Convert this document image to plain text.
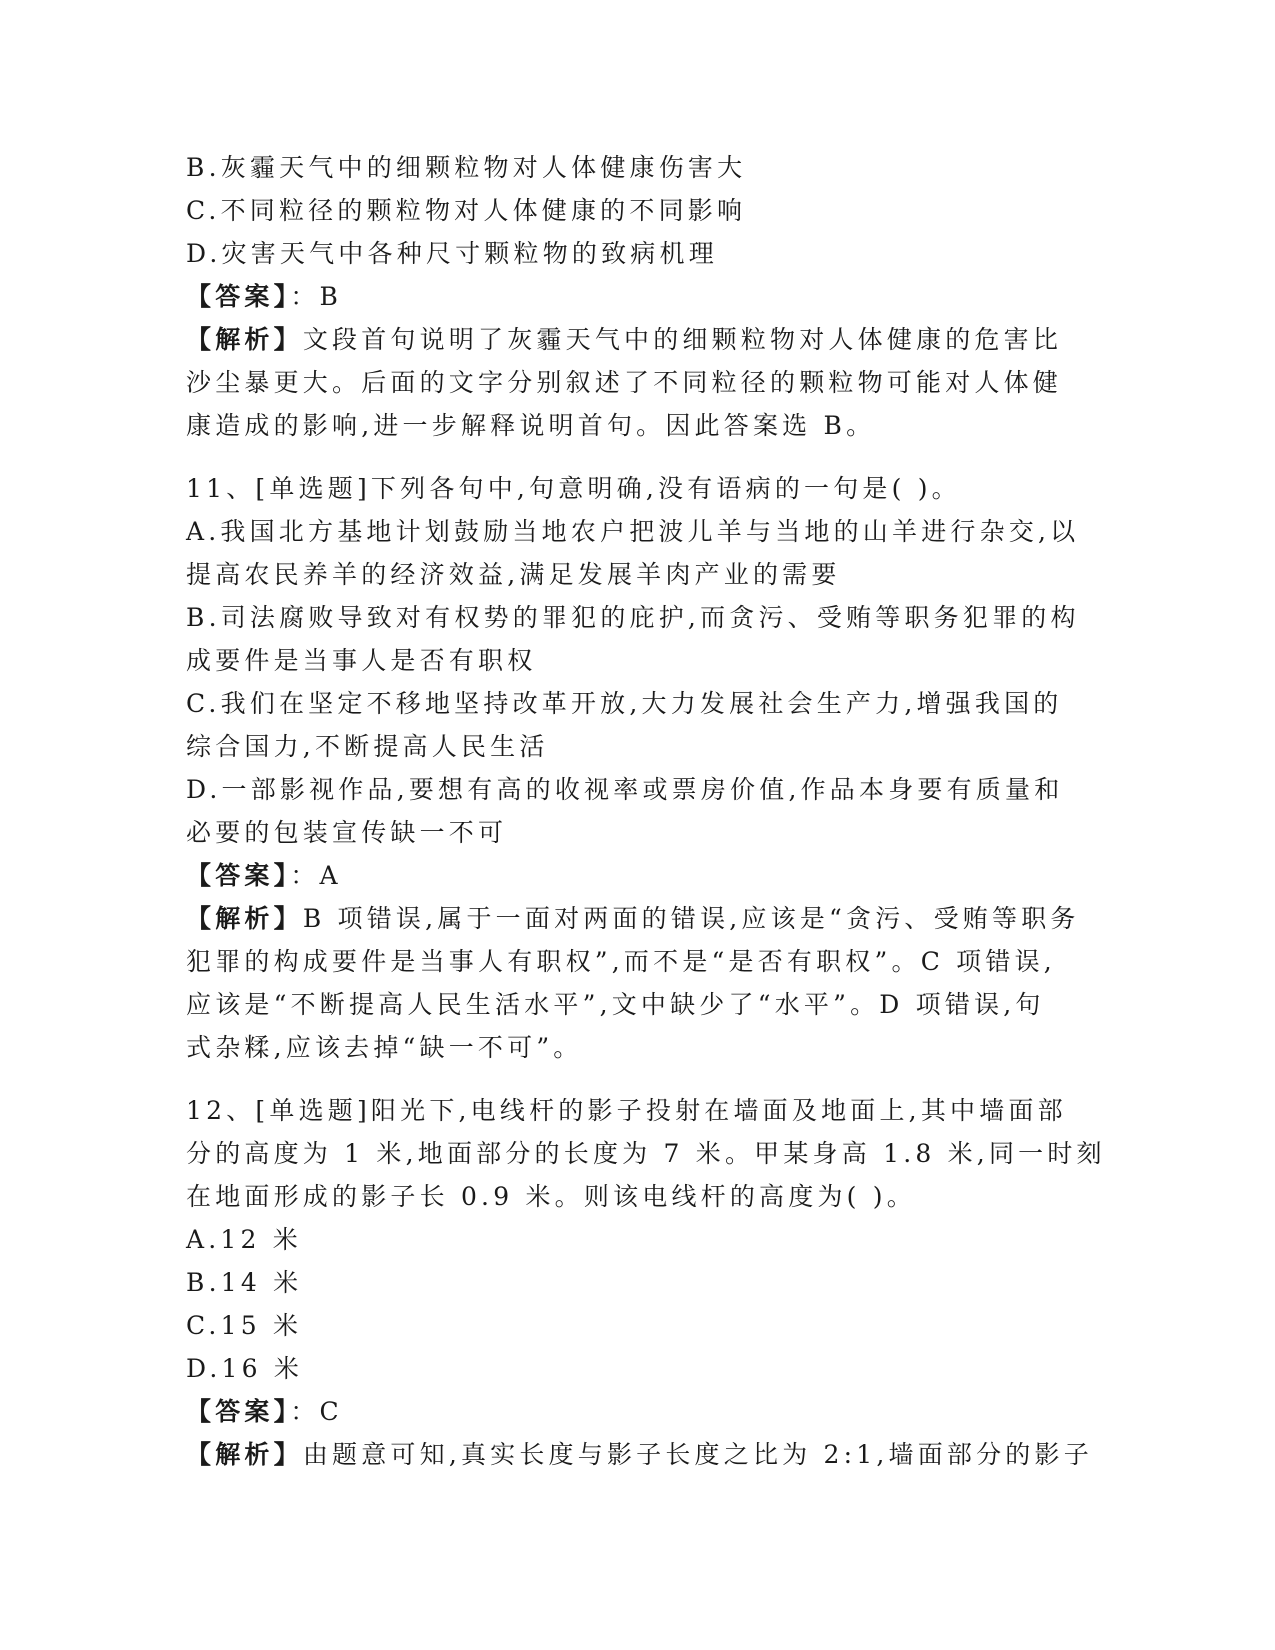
B.灰霾天气中的细颗粒物对人体健康伤害大
C.不同粒径的颗粒物对人体健康的不同影响
D.灾害天气中各种尺寸颗粒物的致病机理
【答案】：B
【解析】文段首句说明了灰霾天气中的细颗粒物对人体健康的危害比
沙尘暴更大。后面的文字分别叙述了不同粒径的颗粒物可能对人体健
康造成的影响,进一步解释说明首句。因此答案选 B。
11、[单选题]下列各句中,句意明确,没有语病的一句是( )。
A.我国北方基地计划鼓励当地农户把波儿羊与当地的山羊进行杂交,以
提高农民养羊的经济效益,满足发展羊肉产业的需要
B.司法腐败导致对有权势的罪犯的庇护,而贪污、受贿等职务犯罪的构
成要件是当事人是否有职权
C.我们在坚定不移地坚持改革开放,大力发展社会生产力,增强我国的
综合国力,不断提高人民生活
D.一部影视作品,要想有高的收视率或票房价值,作品本身要有质量和
必要的包装宣传缺一不可
【答案】：A
【解析】B 项错误,属于一面对两面的错误,应该是“贪污、受贿等职务
犯罪的构成要件是当事人有职权”,而不是“是否有职权”。C 项错误,
应该是“不断提高人民生活水平”,文中缺少了“水平”。D 项错误,句
式杂糅,应该去掉“缺一不可”。
12、[单选题]阳光下,电线杆的影子投射在墙面及地面上,其中墙面部
分的高度为 1 米,地面部分的长度为 7 米。甲某身高 1.8 米,同一时刻
在地面形成的影子长 0.9 米。则该电线杆的高度为( )。
A.12 米
B.14 米
C.15 米
D.16 米
【答案】：C
【解析】由题意可知,真实长度与影子长度之比为 2:1,墙面部分的影子
